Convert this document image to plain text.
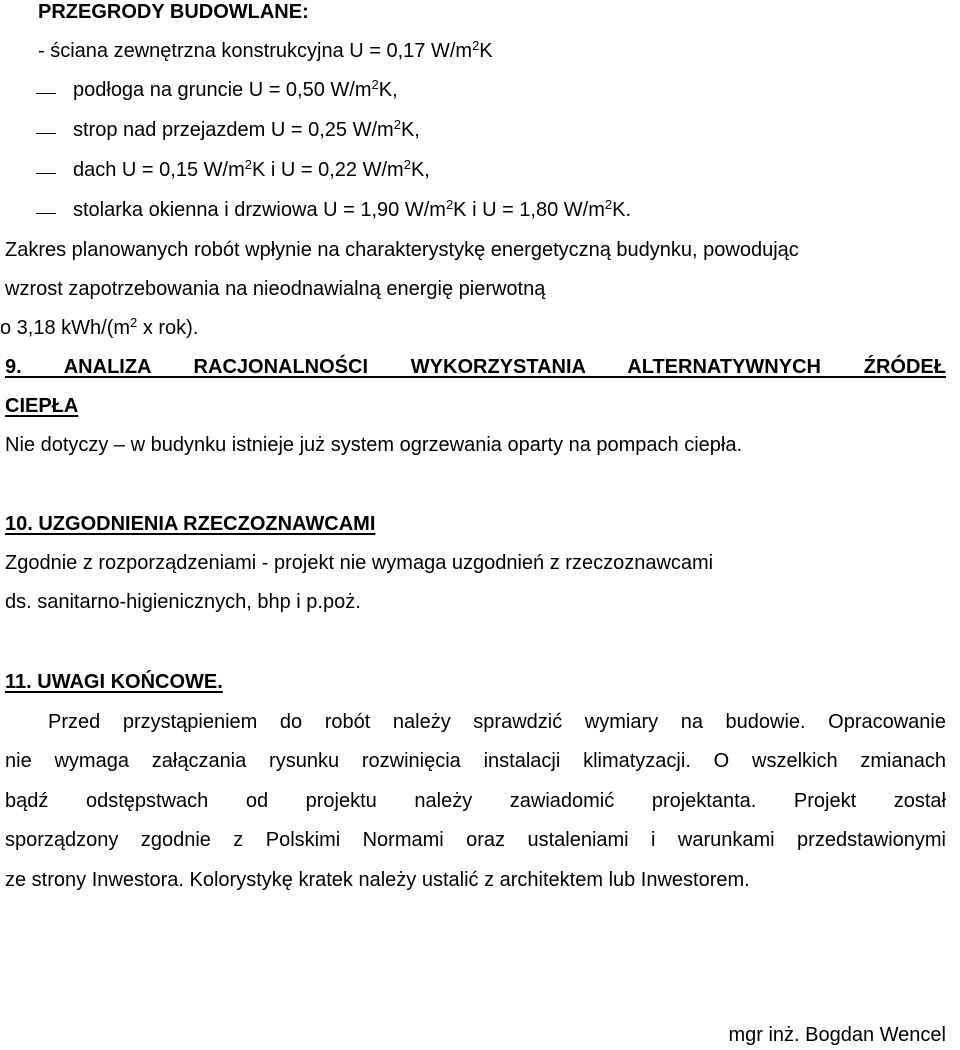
PRZEGRODY BUDOWLANE:
- ściana zewnętrzna konstrukcyjna U = 0,17 $W/m^2K$
podłoga na gruncie U = 0,50 $W/m^2K$,
strop nad przejazdem U = 0,25 $W/m^2K$,
dach U = 0,15 $W/m^2K$ i U = 0,22 $W/m^2K$,
stolarka okienna i drzwiowa U = 1,90 $W/m^2K$ i U = 1,80 $W/m^2K$.
Zakres planowanych robót wpłynie na charakterystykę energetyczną budynku, powodując
wzrost zapotrzebowania na nieodnawialną energię pierwotną
o 3,18 kWh/($m^2$ x rok).
9. ANALIZA RACJONALNOŚCI WYKORZYSTANIA ALTERNATYWNYCH ŹRÓDEŁ
CIEPŁA
Nie dotyczy – w budynku istnieje już system ogrzewania oparty na pompach ciepła.
10. UZGODNIENIA RZECZOZNAWCAMI
Zgodnie z rozporządzeniami - projekt nie wymaga uzgodnień z rzeczoznawcami
ds. sanitarno-higienicznych, bhp i p.poż.
11. UWAGI KOŃCOWE.
Przed przystąpieniem do robót należy sprawdzić wymiary na budowie. Opracowanie
nie wymaga załączania rysunku rozwinięcia instalacji klimatyzacji. O wszelkich zmianach
bądź odstępstwach od projektu należy zawiadomić projektanta. Projekt został
sporządzony zgodnie z Polskimi Normami oraz ustaleniami i warunkami przedstawionymi
ze strony Inwestora. Kolorystykę kratek należy ustalić z architektem lub Inwestorem.
mgr inż. Bogdan Wencel
